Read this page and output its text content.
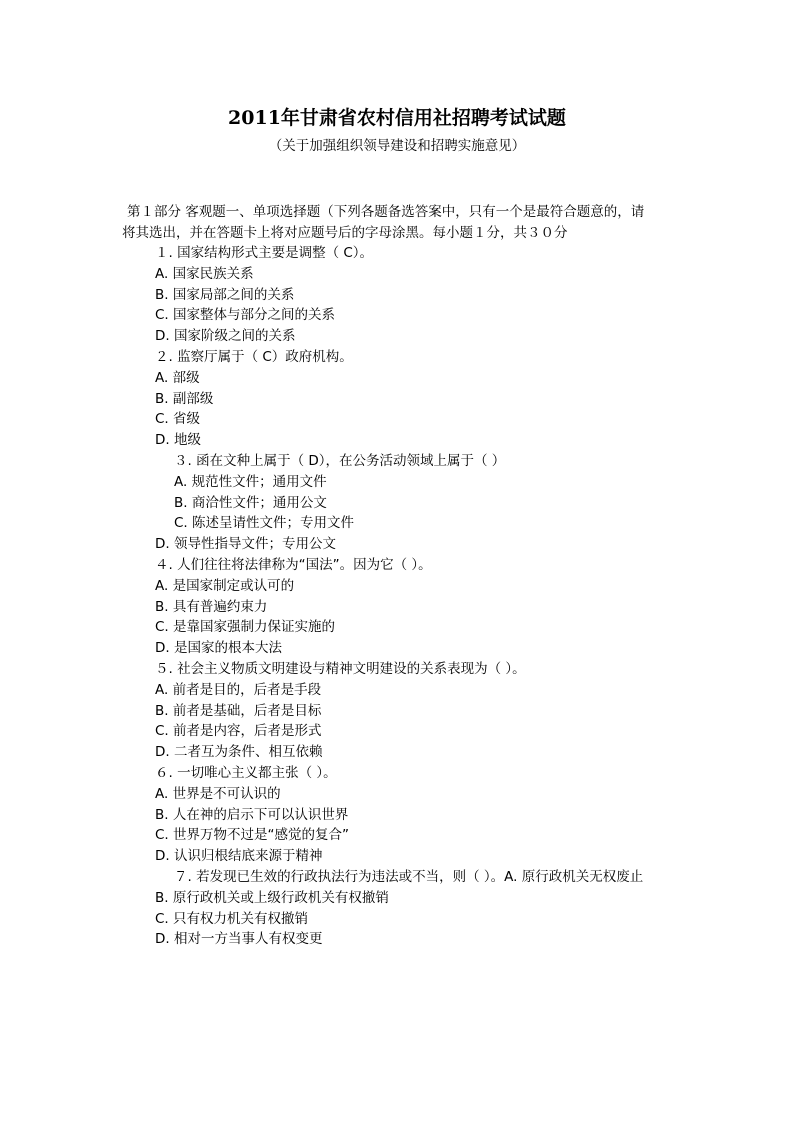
2011年甘肃省农村信用社招聘考试试题
（关于加强组织领导建设和招聘实施意见）

第１部分 客观题一、单项选择题（下列各题备选答案中，只有一个是最符合题意的，请

将其选出，并在答题卡上将对应题号后的字母涂黑。每小题１分，共３０分

１. 国家结构形式主要是调整（ C）。
A. 国家民族关系
B. 国家局部之间的关系
C. 国家整体与部分之间的关系
D. 国家阶级之间的关系
２. 监察厅属于（ C）政府机构。
A. 部级
B. 副部级
C. 省级
D. 地级
３. 函在文种上属于（ D），在公务活动领域上属于（ ）
A. 规范性文件；通用文件
B. 商洽性文件；通用公文
C. 陈述呈请性文件；专用文件
D. 领导性指导文件；专用公文
４. 人们往往将法律称为“国法”。因为它（ ）。
A. 是国家制定或认可的
B. 具有普遍约束力
C. 是靠国家强制力保证实施的
D. 是国家的根本大法
５. 社会主义物质文明建设与精神文明建设的关系表现为（ ）。
A. 前者是目的，后者是手段
B. 前者是基础，后者是目标
C. 前者是内容，后者是形式
D. 二者互为条件、相互依赖
６. 一切唯心主义都主张（ ）。
A. 世界是不可认识的
B. 人在神的启示下可以认识世界
C. 世界万物不过是“感觉的复合”
D. 认识归根结底来源于精神
７. 若发现已生效的行政执法行为违法或不当，则（ ）。A. 原行政机关无权废止
B. 原行政机关或上级行政机关有权撤销
C. 只有权力机关有权撤销
D. 相对一方当事人有权变更
